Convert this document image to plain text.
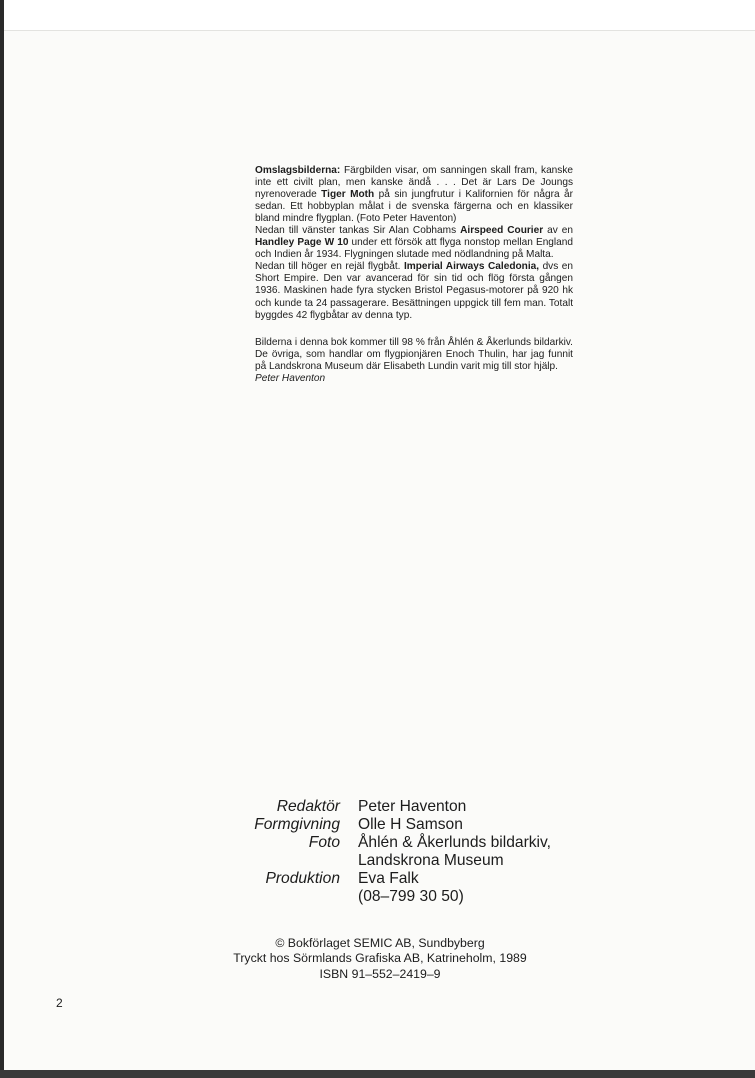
Omslagsbilderna: Färgbilden visar, om sanningen skall fram, kanske inte ett civilt plan, men kanske ändå . . . Det är Lars De Joungs nyrenoverade Tiger Moth på sin jungfrutur i Kalifornien för några år sedan. Ett hobbyplan målat i de svenska färgerna och en klassiker bland mindre flygplan. (Foto Peter Haventon)

Nedan till vänster tankas Sir Alan Cobhams Airspeed Courier av en Handley Page W 10 under ett försök att flyga nonstop mellan England och Indien år 1934. Flygningen slutade med nödlandning på Malta.

Nedan till höger en rejäl flygbåt. Imperial Airways Caledonia, dvs en Short Empire. Den var avancerad för sin tid och flög första gången 1936. Maskinen hade fyra stycken Bristol Pegasus-motorer på 920 hk och kunde ta 24 passagerare. Besättningen uppgick till fem man. Totalt byggdes 42 flygbåtar av denna typ.

Bilderna i denna bok kommer till 98 % från Åhlén & Åkerlunds bildarkiv. De övriga, som handlar om flygpionjären Enoch Thulin, har jag funnit på Landskrona Museum där Elisabeth Lundin varit mig till stor hjälp.

Peter Haventon

Redaktör	Peter Haventon
Formgivning	Olle H Samson
Foto	Åhlén & Åkerlunds bildarkiv,
Landskrona Museum
Produktion	Eva Falk
(08–799 30 50)
© Bokförlaget SEMIC AB, Sundbyberg
Tryckt hos Sörmlands Grafiska AB, Katrineholm, 1989
ISBN 91–552–2419–9
2
